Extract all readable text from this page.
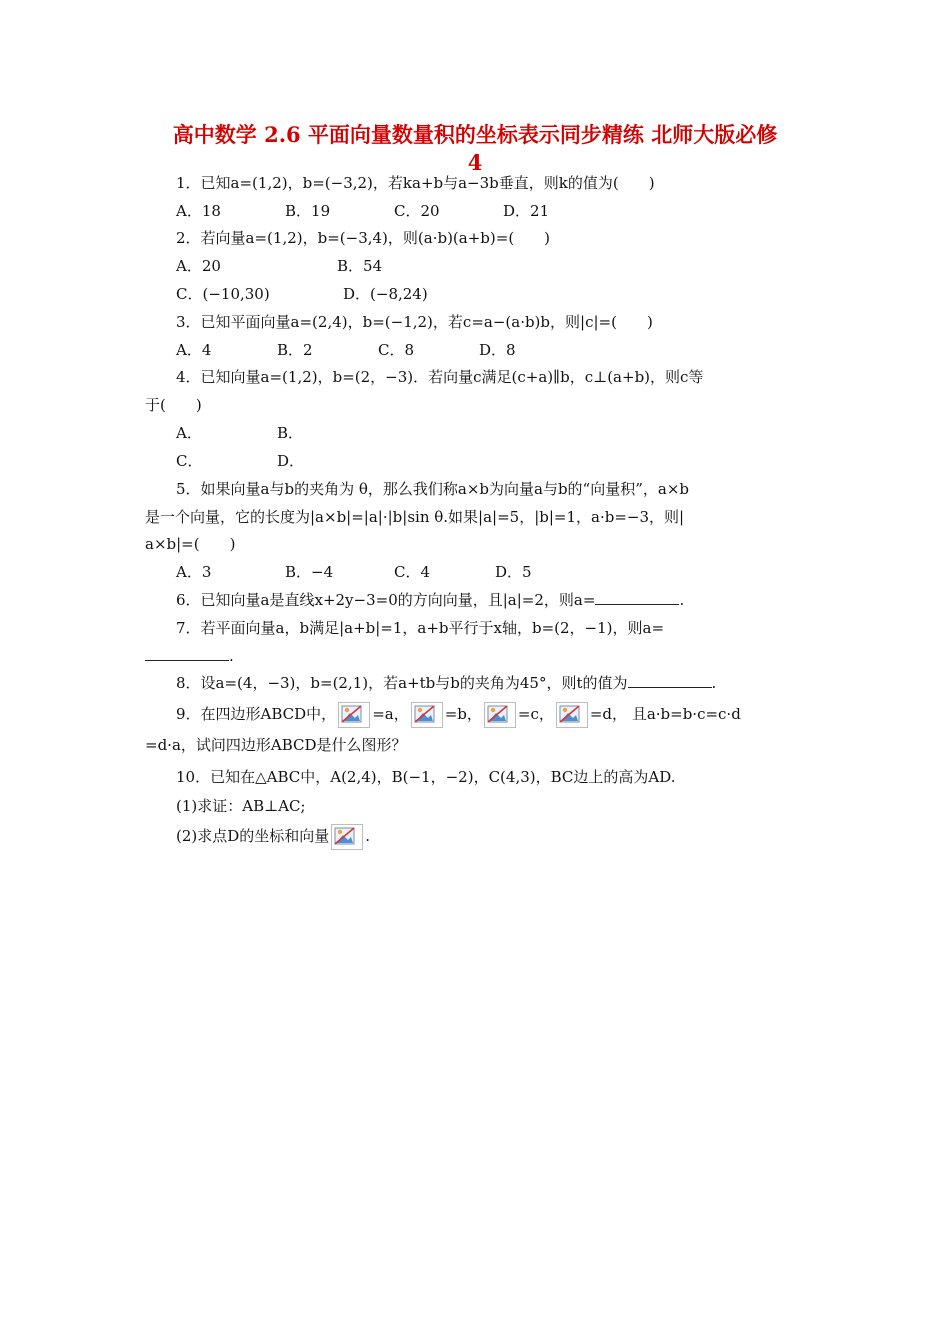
高中数学 2.6 平面向量数量积的坐标表示同步精练 北师大版必修
4
1．已知a=(1,2)，b=(−3,2)，若ka+b与a−3b垂直，则k的值为(　　)
A．18	B．19	C．20	D．21
2．若向量a=(1,2)，b=(−3,4)，则(a·b)(a+b)=(　　)
A．20	B．54
C．(−10,30)	D．(−8,24)
3．已知平面向量a=(2,4)，b=(−1,2)，若c=a−(a·b)b，则|c|=(　　)
A．4	B．2	C．8	D．8
4．已知向量a=(1,2)，b=(2，−3)．若向量c满足(c+a)∥b，c⊥(a+b)，则c等
于(　　)
A．	B．
C．	D．
5．如果向量a与b的夹角为 θ，那么我们称a×b为向量a与b的“向量积”，a×b
是一个向量，它的长度为|a×b|=|a|·|b|sin θ.如果|a|=5，|b|=1，a·b=−3，则|
a×b|=(　　)
A．3	B．−4	C．4	D．5
6．已知向量a是直线x+2y−3=0的方向向量，且|a|=2，则a=	.
7．若平面向量a，b满足|a+b|=1，a+b平行于x轴，b=(2，−1)，则a=
.
8．设a=(4，−3)，b=(2,1)，若a+tb与b的夹角为45°，则t的值为	.
9．在四边形ABCD中， =a， =b， =c， =d， 且a·b=b·c=c·d
=d·a，试问四边形ABCD是什么图形？
10．已知在△ABC中，A(2,4)，B(−1，−2)，C(4,3)，BC边上的高为AD.
(1)求证：AB⊥AC;
(2)求点D的坐标和向量 .
